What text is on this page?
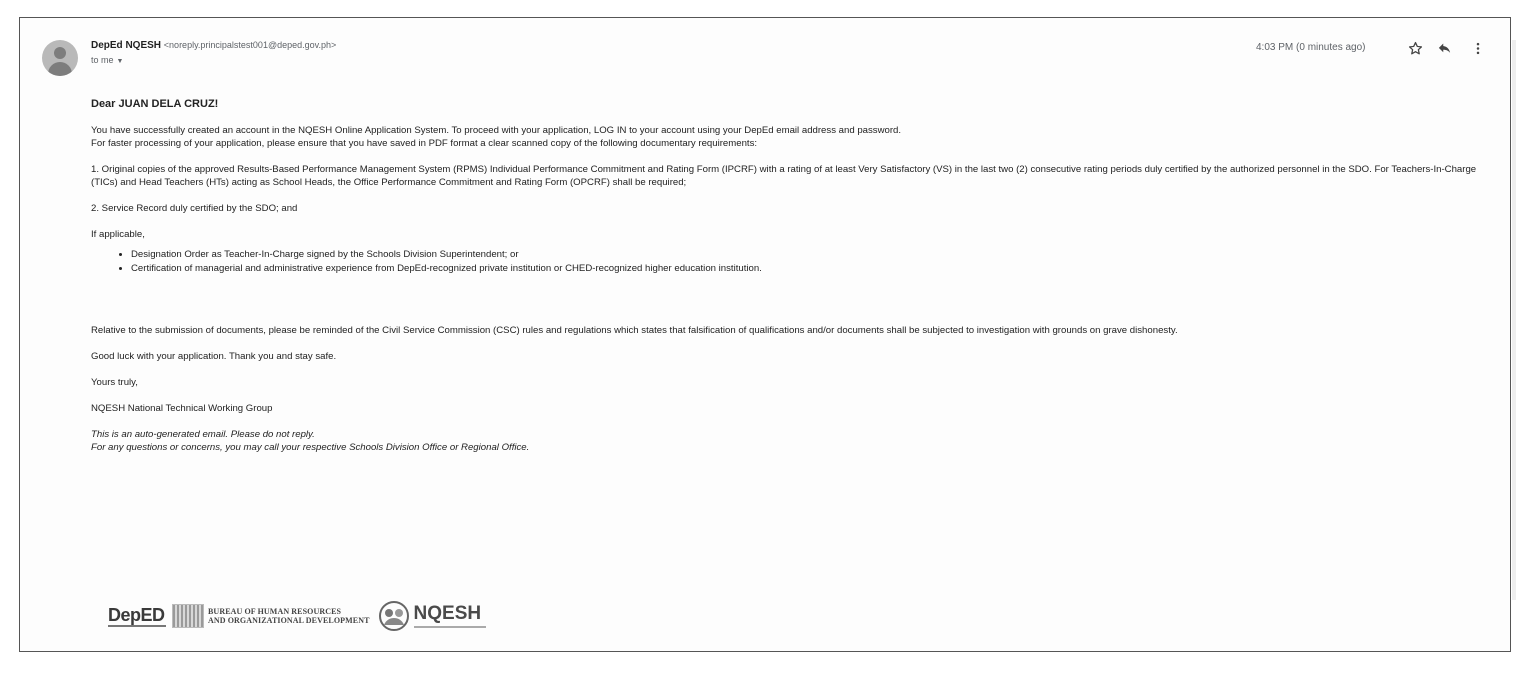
DepEd NQESH <noreply.principalstest001@deped.gov.ph>
to me ▼
4:03 PM (0 minutes ago)
Dear JUAN DELA CRUZ!

You have successfully created an account in the NQESH Online Application System. To proceed with your application, LOG IN to your account using your DepEd email address and password.

For faster processing of your application, please ensure that you have saved in PDF format a clear scanned copy of the following documentary requirements:

1. Original copies of the approved Results-Based Performance Management System (RPMS) Individual Performance Commitment and Rating Form (IPCRF) with a rating of at least Very Satisfactory (VS) in the last two (2) consecutive rating periods duly certified by the authorized personnel in the SDO. For Teachers-In-Charge (TICs) and Head Teachers (HTs) acting as School Heads, the Office Performance Commitment and Rating Form (OPCRF) shall be required;

2. Service Record duly certified by the SDO; and

If applicable,

• Designation Order as Teacher-In-Charge signed by the Schools Division Superintendent; or
• Certification of managerial and administrative experience from DepEd-recognized private institution or CHED-recognized higher education institution.

Relative to the submission of documents, please be reminded of the Civil Service Commission (CSC) rules and regulations which states that falsification of qualifications and/or documents shall be subjected to investigation with grounds on grave dishonesty.

Good luck with your application. Thank you and stay safe.

Yours truly,

NQESH National Technical Working Group

This is an auto-generated email. Please do not reply.

For any questions or concerns, you may call your respective Schools Division Office or Regional Office.

DepED	BUREAU OF HUMAN RESOURCES
AND ORGANIZATIONAL DEVELOPMENT NQESH
